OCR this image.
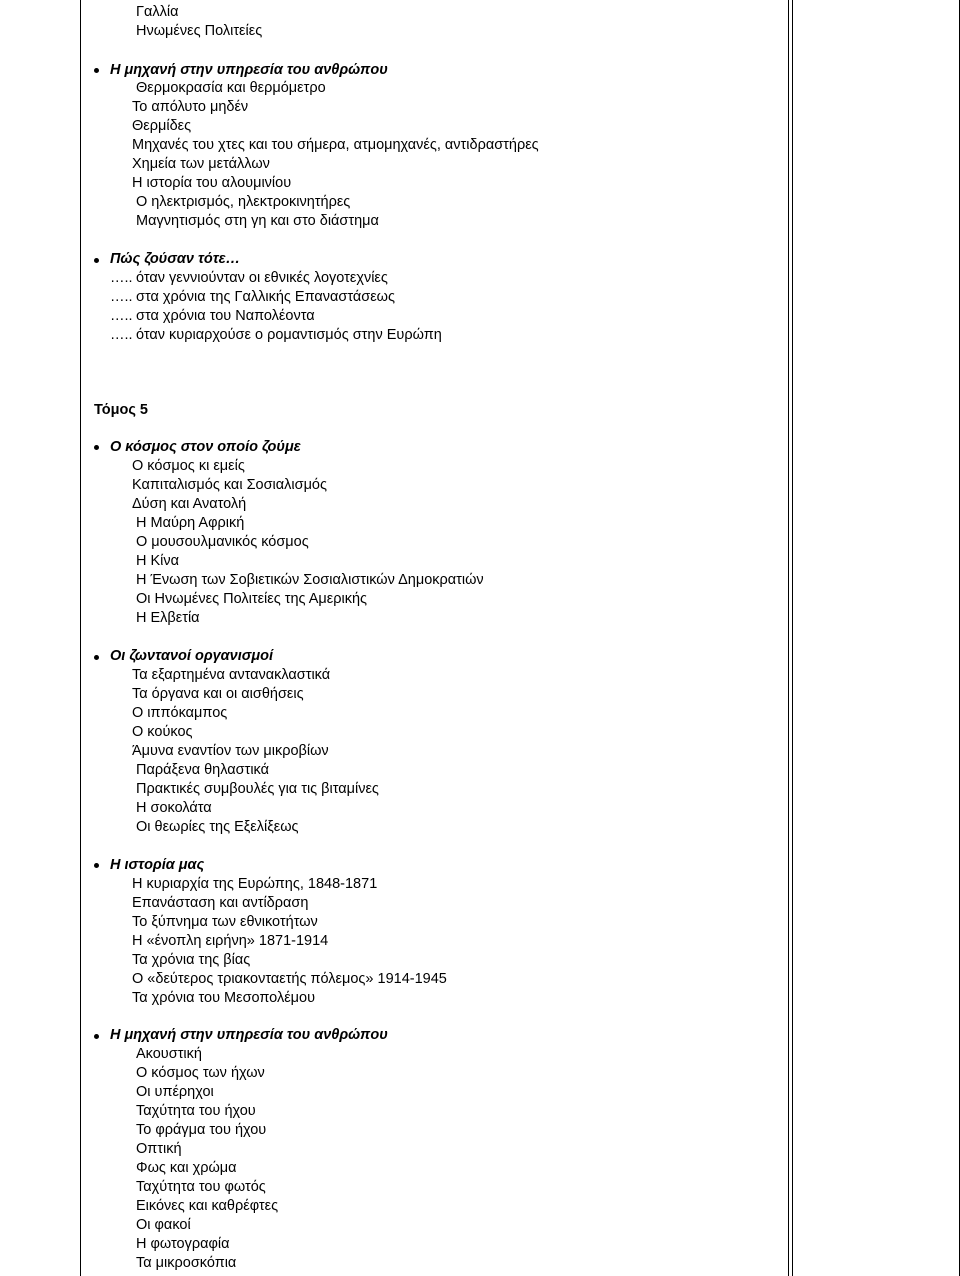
Γαλλία
Ηνωμένες Πολιτείες
Η μηχανή στην υπηρεσία του ανθρώπου
Θερμοκρασία και θερμόμετρο
Το απόλυτο μηδέν
Θερμίδες
Μηχανές του χτες και του σήμερα, ατμομηχανές, αντιδραστήρες
Χημεία των μετάλλων
Η ιστορία του αλουμινίου
Ο ηλεκτρισμός, ηλεκτροκινητήρες
Μαγνητισμός στη γη και στο διάστημα
Πώς ζούσαν τότε…
….. όταν γεννιούνταν οι εθνικές λογοτεχνίες
….. στα χρόνια της Γαλλικής Επαναστάσεως
….. στα χρόνια του Ναπολέοντα
….. όταν κυριαρχούσε ο ρομαντισμός στην Ευρώπη
Τόμος 5
Ο κόσμος στον οποίο ζούμε
Ο κόσμος κι εμείς
Καπιταλισμός και Σοσιαλισμός
Δύση και Ανατολή
Η Μαύρη Αφρική
Ο μουσουλμανικός κόσμος
Η Κίνα
Η Ένωση των Σοβιετικών Σοσιαλιστικών Δημοκρατιών
Οι Ηνωμένες Πολιτείες της Αμερικής
Η Ελβετία
Οι ζωντανοί οργανισμοί
Τα εξαρτημένα αντανακλαστικά
Τα όργανα και οι αισθήσεις
Ο ιππόκαμπος
Ο κούκος
Άμυνα εναντίον των μικροβίων
Παράξενα θηλαστικά
Πρακτικές συμβουλές για τις βιταμίνες
Η σοκολάτα
Οι θεωρίες της Εξελίξεως
Η ιστορία μας
Η κυριαρχία της Ευρώπης, 1848-1871
Επανάσταση και αντίδραση
Το ξύπνημα των εθνικοτήτων
Η «ένοπλη ειρήνη» 1871-1914
Τα χρόνια της βίας
Ο «δεύτερος τριακονταετής πόλεμος» 1914-1945
Τα χρόνια του Μεσοπολέμου
Η μηχανή στην υπηρεσία του ανθρώπου
Ακουστική
Ο κόσμος των ήχων
Οι υπέρηχοι
Ταχύτητα του ήχου
Το φράγμα του ήχου
Οπτική
Φως και χρώμα
Ταχύτητα του φωτός
Εικόνες και καθρέφτες
Οι φακοί
Η φωτογραφία
Τα μικροσκόπια
